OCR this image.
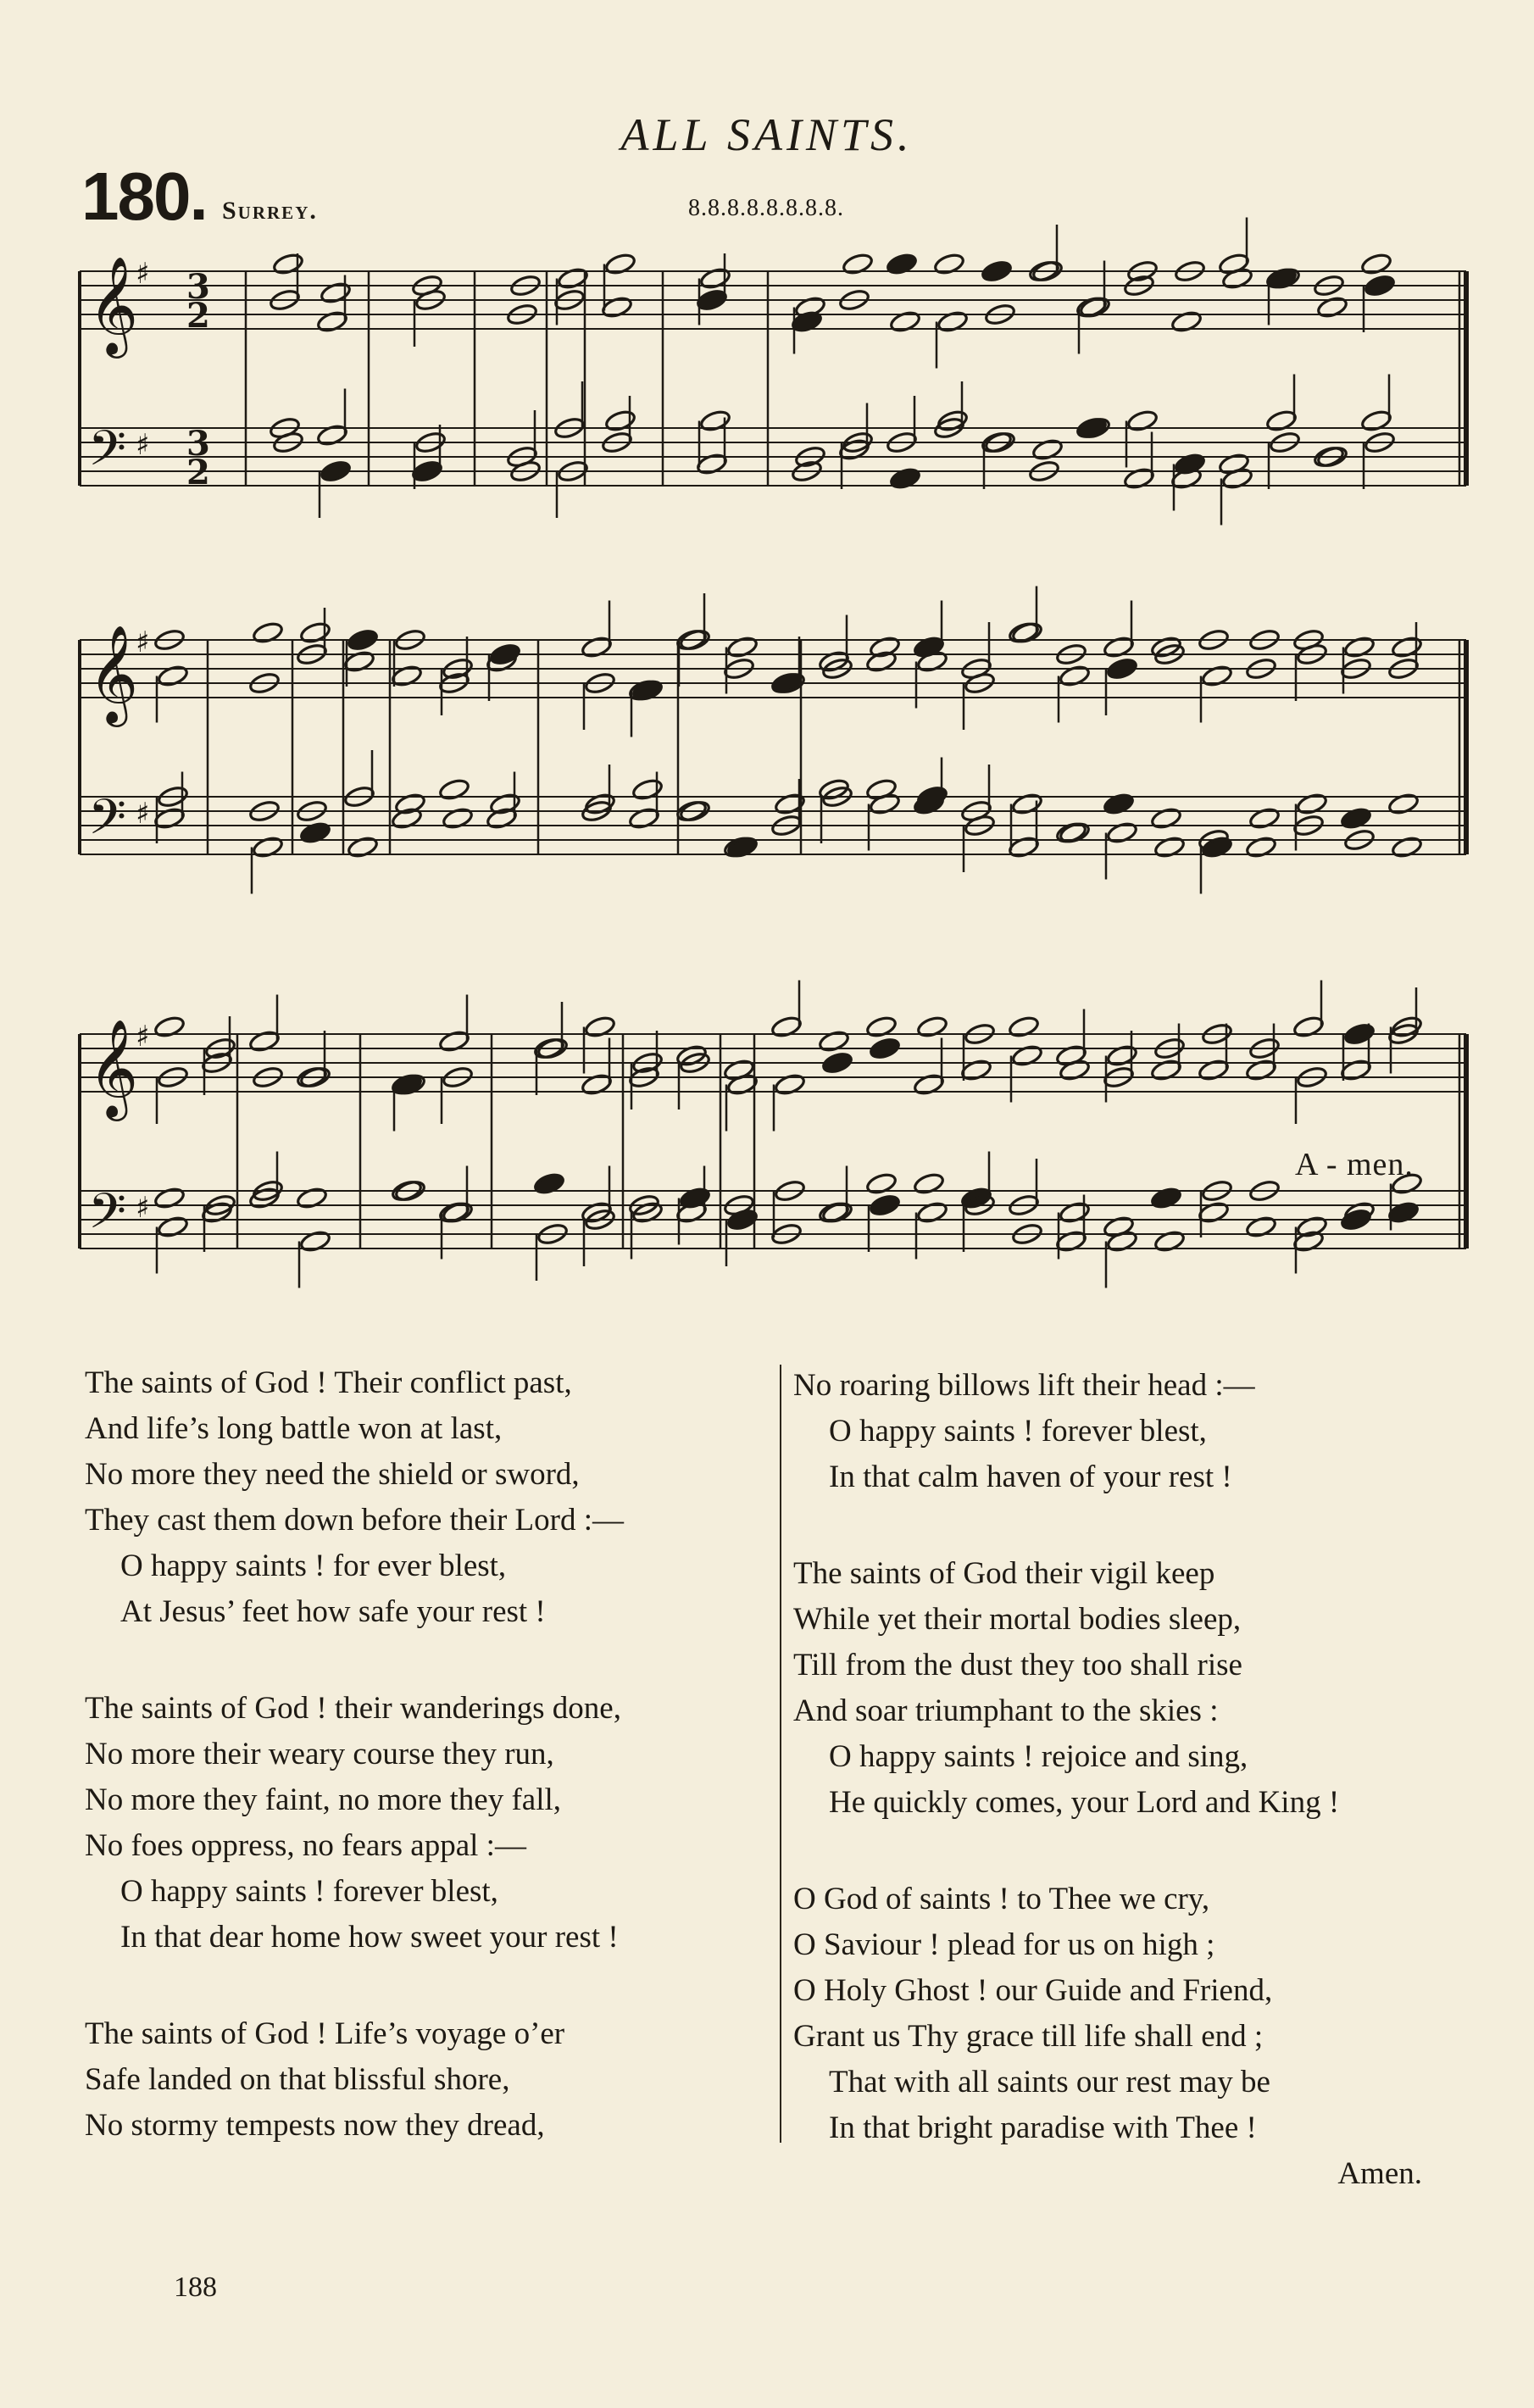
ALL SAINTS.
180. Surrey.	8.8.8.8.8.8.8.8.
𝄞
𝄢
♯
♯
3
2
3
2
𝄞
𝄢
♯
♯
𝄞
𝄢
♯
♯
A - men.
The saints of God ! Their conflict past,
And life’s long battle won at last,
No more they need the shield or sword,
They cast them down before their Lord :—
O happy saints ! for ever blest,
At Jesus’ feet how safe your rest !
The saints of God ! their wanderings done,
No more their weary course they run,
No more they faint, no more they fall,
No foes oppress, no fears appal :—
O happy saints ! forever blest,
In that dear home how sweet your rest !
The saints of God ! Life’s voyage o’er
Safe landed on that blissful shore,
No stormy tempests now they dread,
No roaring billows lift their head :—
O happy saints ! forever blest,
In that calm haven of your rest !
The saints of God their vigil keep
While yet their mortal bodies sleep,
Till from the dust they too shall rise
And soar triumphant to the skies :
O happy saints ! rejoice and sing,
He quickly comes, your Lord and King !
O God of saints ! to Thee we cry,
O Saviour ! plead for us on high ;
O Holy Ghost ! our Guide and Friend,
Grant us Thy grace till life shall end ;
That with all saints our rest may be
In that bright paradise with Thee !
Amen.
188
